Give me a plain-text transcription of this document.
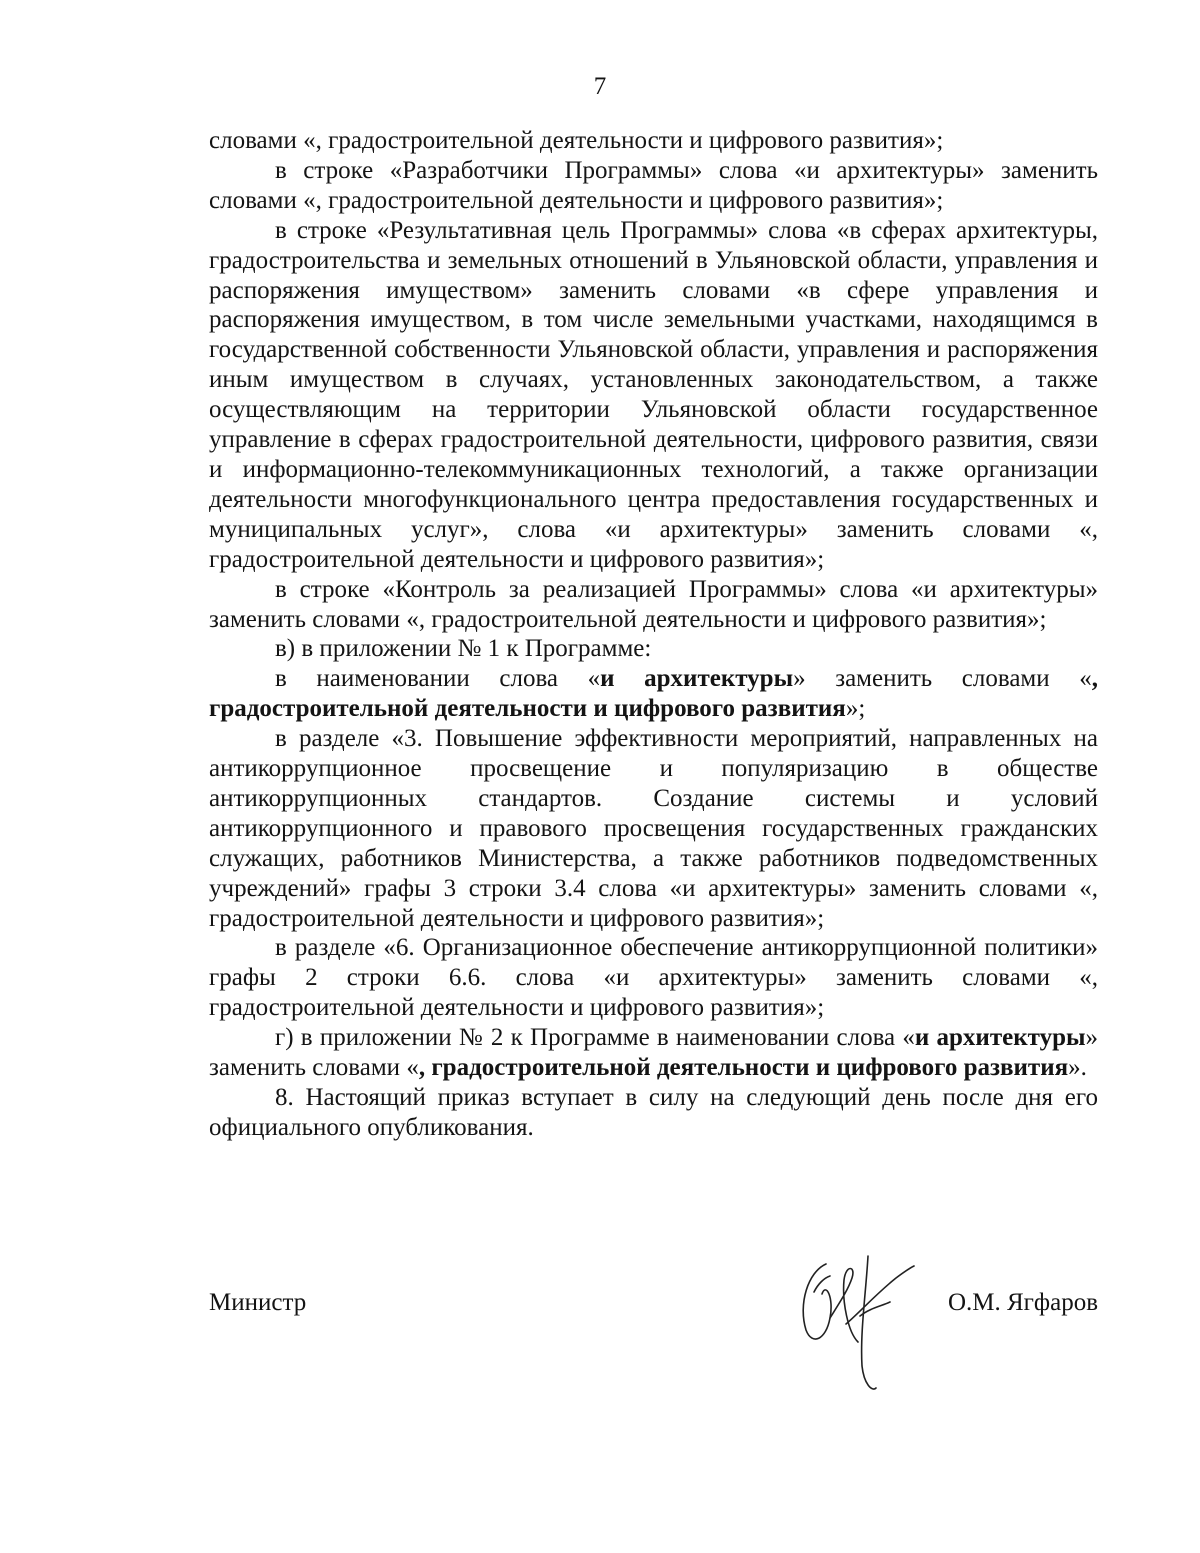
7

словами «, градостроительной деятельности и цифрового развития»;

в строке «Разработчики Программы» слова «и архитектуры» заменить словами «, градостроительной деятельности и цифрового развития»;

в строке «Результативная цель Программы» слова «в сферах архитектуры, градостроительства и земельных отношений в Ульяновской области, управления и распоряжения имуществом» заменить словами «в сфере управления и распоряжения имуществом, в том числе земельными участками, находящимся в государственной собственности Ульяновской области, управления и распоряжения иным имуществом в случаях, установленных законодательством, а также осуществляющим на территории Ульяновской области государственное управление в сферах градостроительной деятельности, цифрового развития, связи и информационно-телекоммуникационных технологий, а также организации деятельности многофункционального центра предоставления государственных и муниципальных услуг», слова «и архитектуры» заменить словами «, градостроительной деятельности и цифрового развития»;

в строке «Контроль за реализацией Программы» слова «и архитектуры» заменить словами «, градостроительной деятельности и цифрового развития»;

в) в приложении № 1 к Программе:

в наименовании слова «и архитектуры» заменить словами «, градостроительной деятельности и цифрового развития»;

в разделе «3. Повышение эффективности мероприятий, направленных на антикоррупционное просвещение и популяризацию в обществе антикоррупционных стандартов. Создание системы и условий антикоррупционного и правового просвещения государственных гражданских служащих, работников Министерства, а также работников подведомственных учреждений» графы 3 строки 3.4 слова «и архитектуры» заменить словами «, градостроительной деятельности и цифрового развития»;

в разделе «6. Организационное обеспечение антикоррупционной политики» графы 2 строки 6.6. слова «и архитектуры» заменить словами «, градостроительной деятельности и цифрового развития»;

г) в приложении № 2 к Программе в наименовании слова «и архитектуры» заменить словами «, градостроительной деятельности и цифрового развития».

8. Настоящий приказ вступает в силу на следующий день после дня его официального опубликования.

Министр	О.М. Ягфаров
